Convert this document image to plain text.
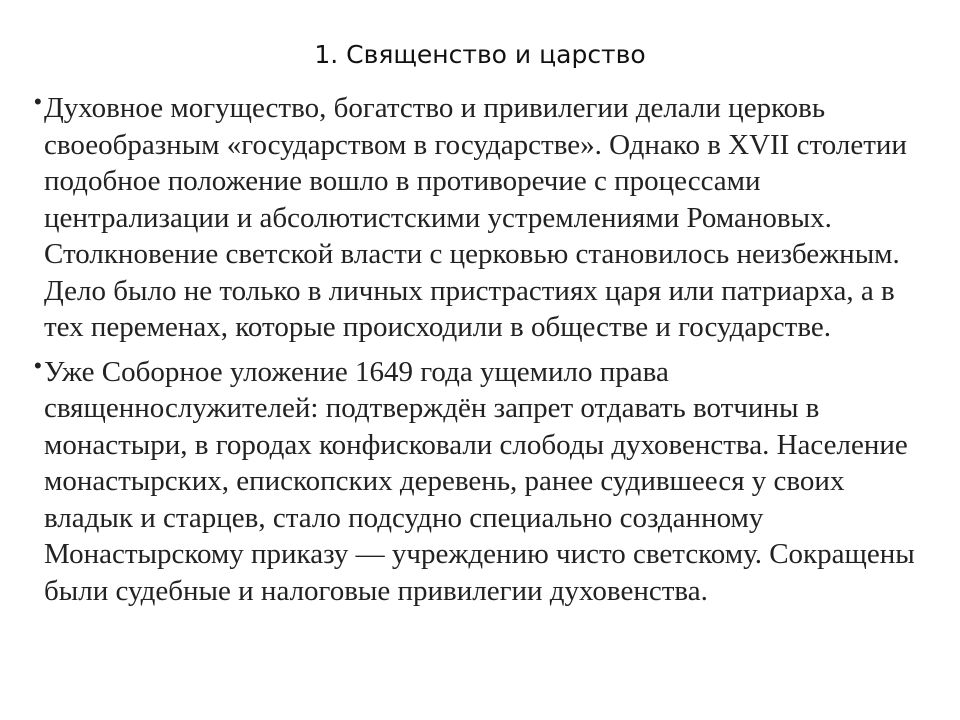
1. Священство и царство

• Духовное могущество, богатство и привилегии делали церковь своеобразным «государством в государстве». Однако в XVII столетии подобное положение вошло в противоречие с процессами централизации и абсолютистскими устремлениями Романовых. Столкновение светской власти с церковью становилось неизбежным. Дело было не только в личных пристрастиях царя или патриарха, а в тех переменах, которые происходили в обществе и государстве.

• Уже Соборное уложение 1649 года ущемило права священнослужителей: подтверждён запрет отдавать вотчины в монастыри, в городах конфисковали слободы духовенства. Население монастырских, епископских деревень, ранее судившееся у своих владык и старцев, стало подсудно специально созданному Монастырскому приказу — учреждению чисто светскому. Сокращены были судебные и налоговые привилегии духовенства.
